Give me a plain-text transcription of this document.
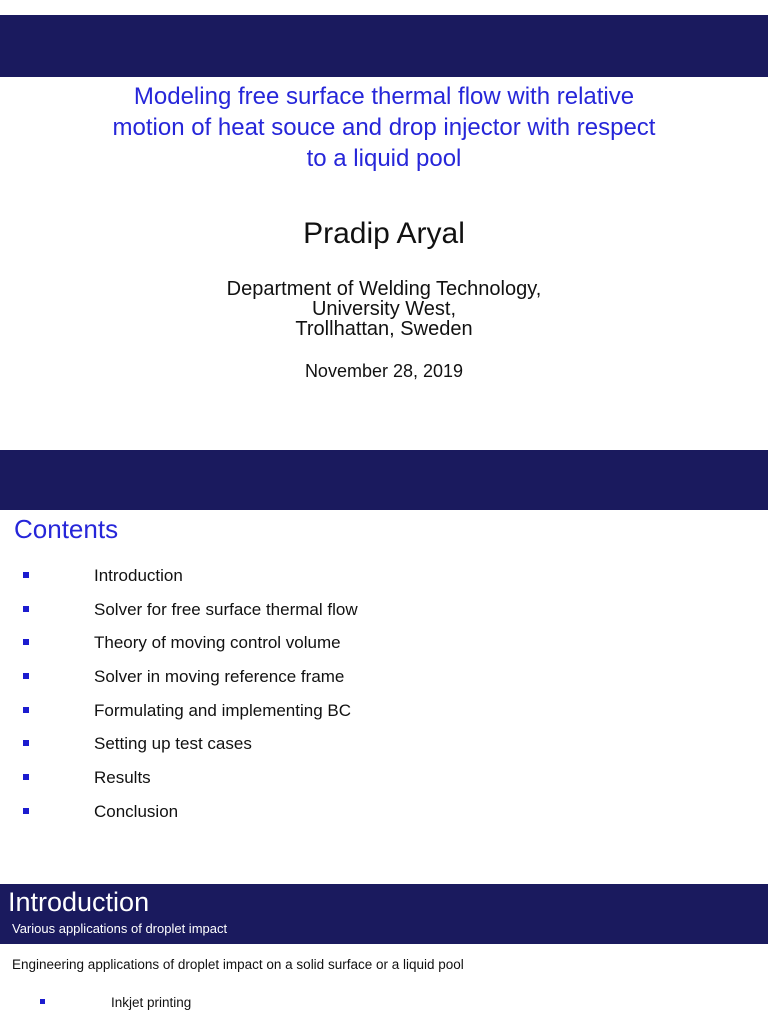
Modeling free surface thermal flow with relative
motion of heat souce and drop injector with respect
to a liquid pool
Pradip Aryal
Department of Welding Technology,
University West,
Trollhattan, Sweden
November 28, 2019
Contents
Introduction
Solver for free surface thermal flow
Theory of moving control volume
Solver in moving reference frame
Formulating and implementing BC
Setting up test cases
Results
Conclusion
Introduction
Various applications of droplet impact
Engineering applications of droplet impact on a solid surface or a liquid pool
Inkjet printing
